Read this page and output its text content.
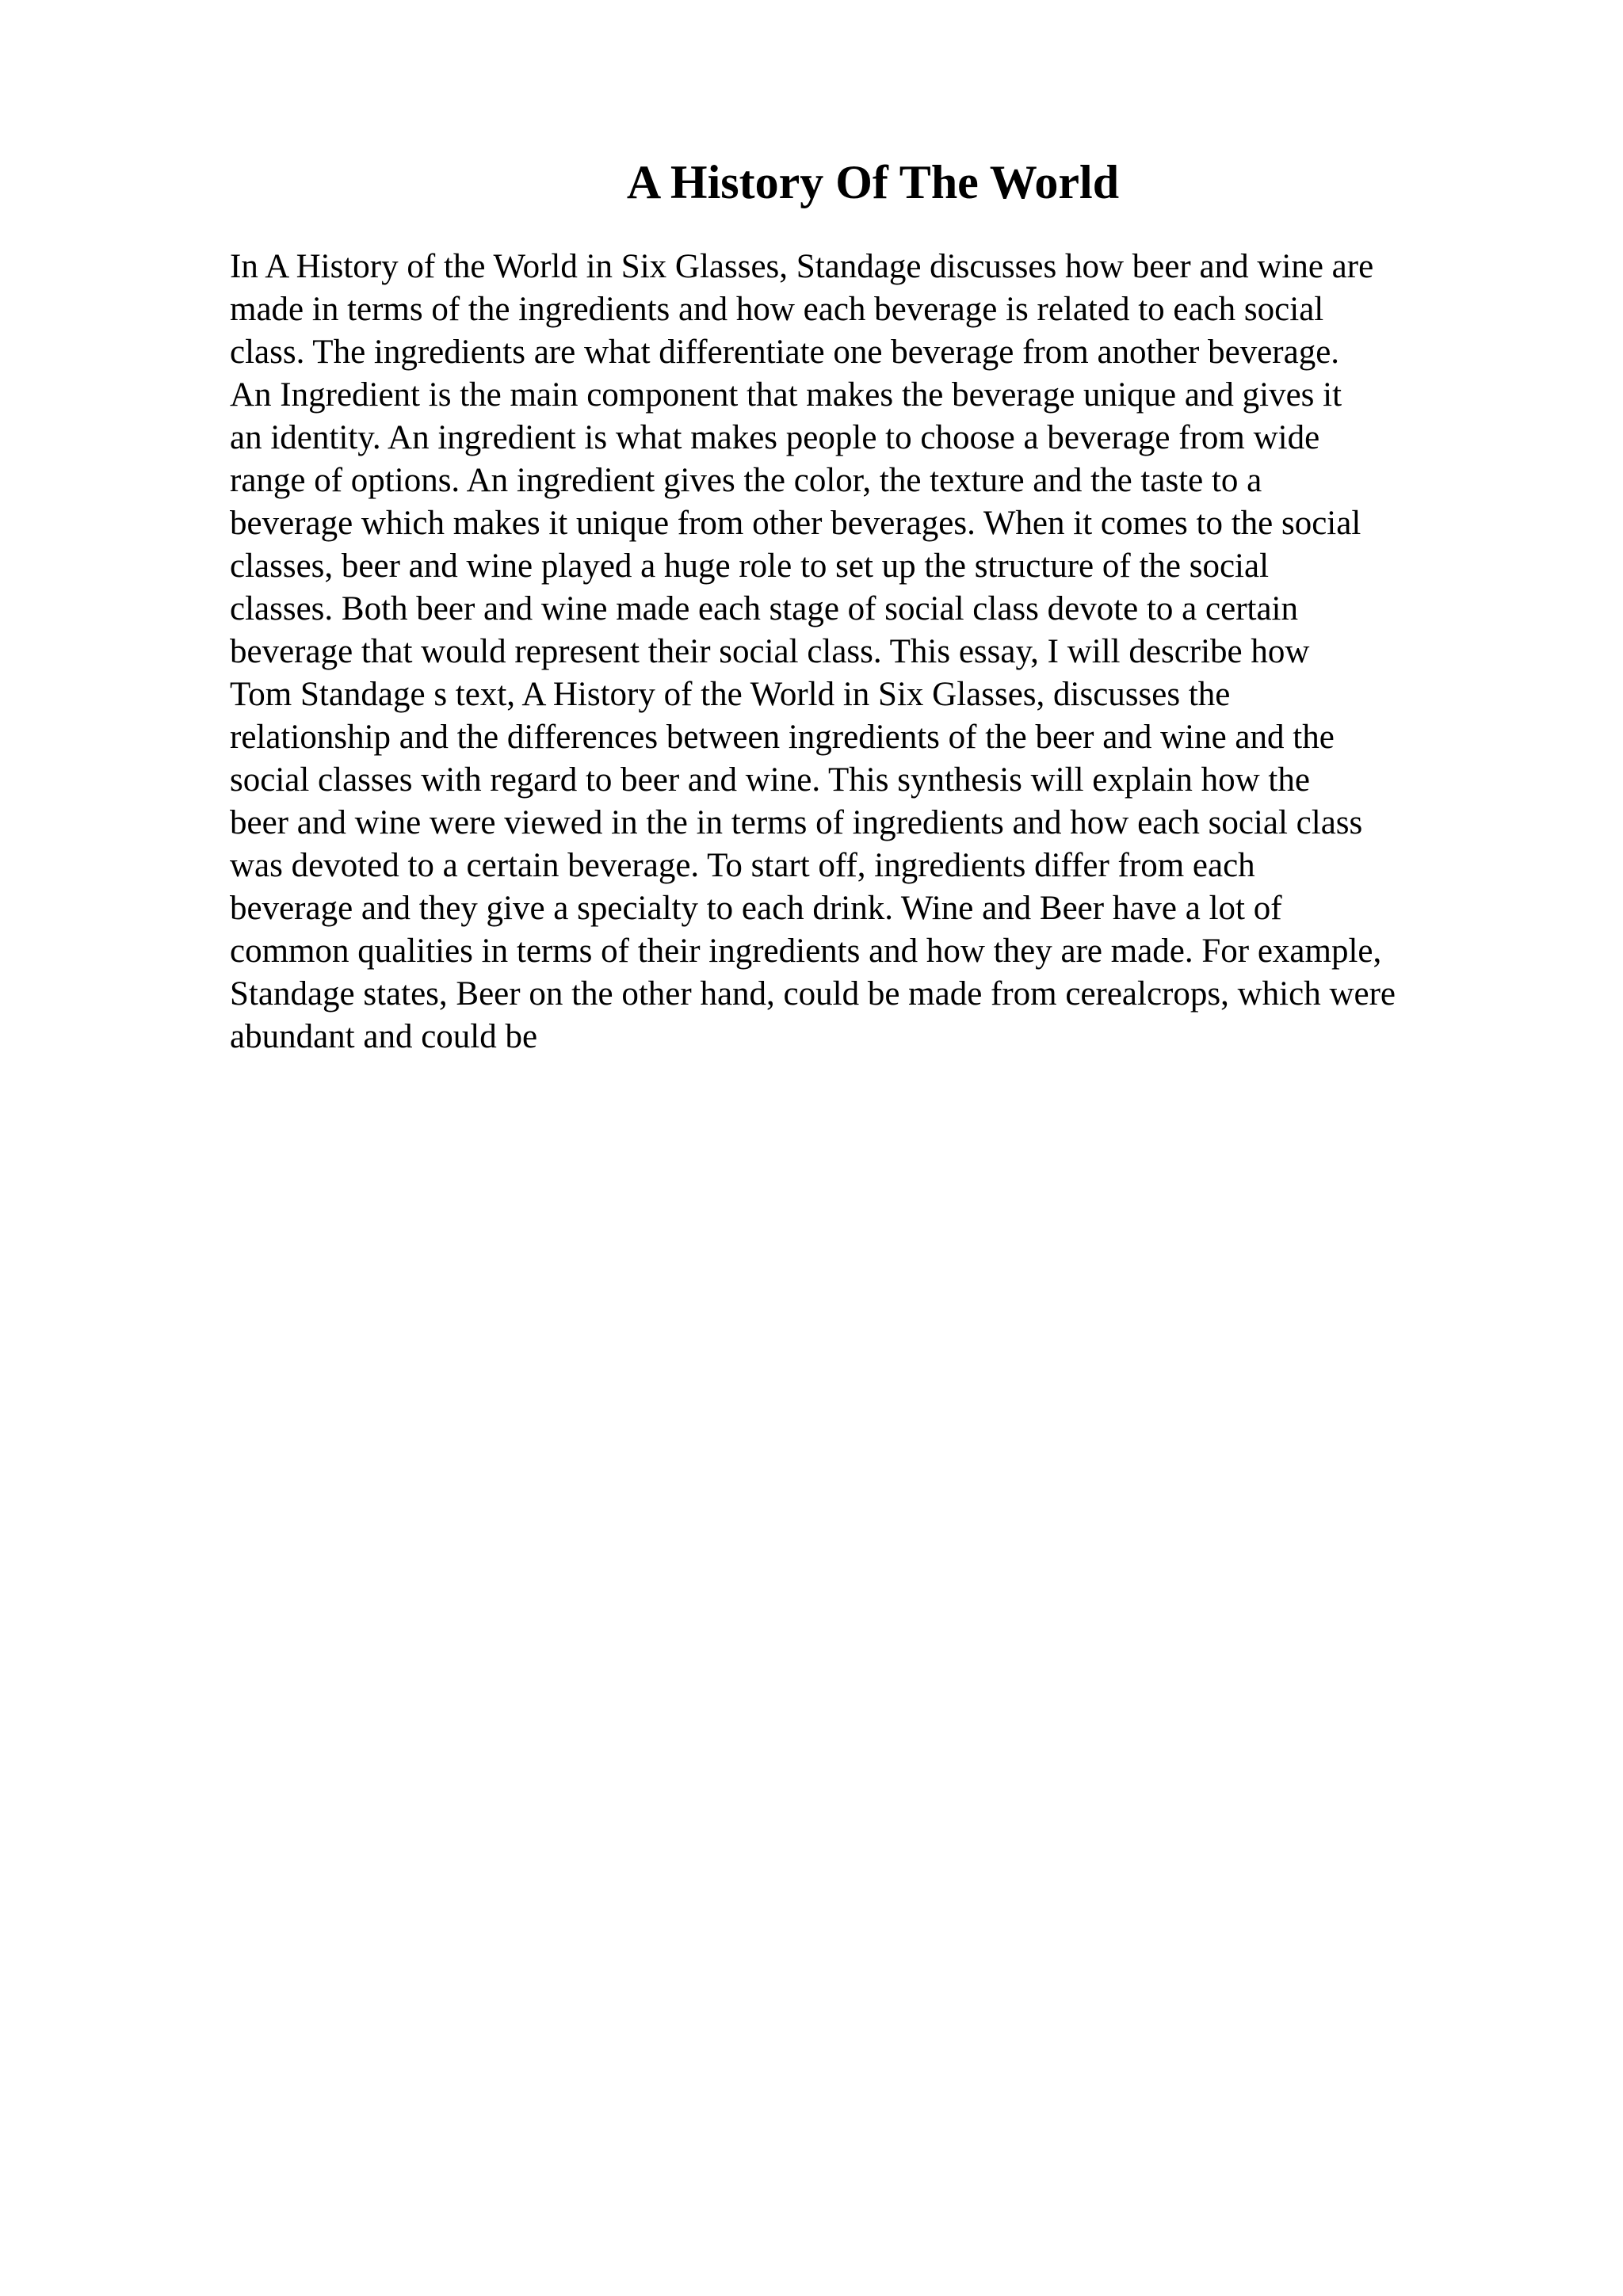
A History Of The World

In A History of the World in Six Glasses, Standage discusses how beer and wine are
made in terms of the ingredients and how each beverage is related to each social
class. The ingredients are what differentiate one beverage from another beverage.
An Ingredient is the main component that makes the beverage unique and gives it
an identity. An ingredient is what makes people to choose a beverage from wide
range of options. An ingredient gives the color, the texture and the taste to a
beverage which makes it unique from other beverages. When it comes to the social
classes, beer and wine played a huge role to set up the structure of the social
classes. Both beer and wine made each stage of social class devote to a certain
beverage that would represent their social class. This essay, I will describe how
Tom Standage s text, A History of the World in Six Glasses, discusses the
relationship and the differences between ingredients of the beer and wine and the
social classes with regard to beer and wine. This synthesis will explain how the
beer and wine were viewed in the in terms of ingredients and how each social class
was devoted to a certain beverage. To start off, ingredients differ from each
beverage and they give a specialty to each drink. Wine and Beer have a lot of
common qualities in terms of their ingredients and how they are made. For example,
Standage states, Beer on the other hand, could be made from cerealcrops, which were
abundant and could be
